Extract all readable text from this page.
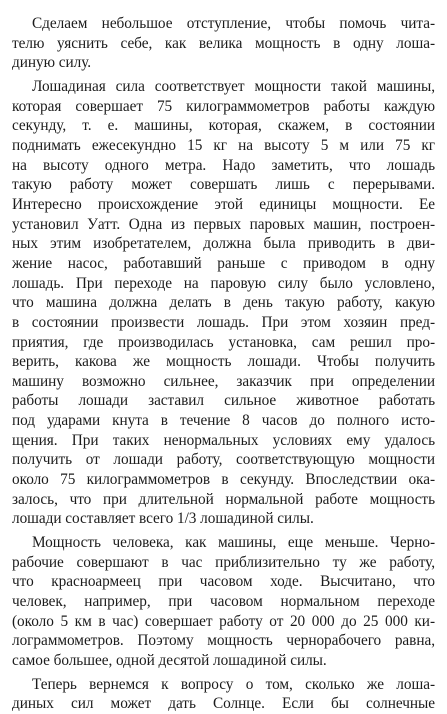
Сделаем небольшое отступление, чтобы помочь чита-
телю уяснить себе, как велика мощность в одну лоша-
диную силу.
Лошадиная сила соответствует мощности такой машины,
которая совершает 75 килограммометров работы каждую
секунду, т. е. машины, которая, скажем, в состоянии
поднимать ежесекундно 15 кг на высоту 5 м или 75 кг
на высоту одного метра. Надо заметить, что лошадь
такую работу может совершать лишь с перерывами.
Интересно происхождение этой единицы мощности. Ее
установил Уатт. Одна из первых паровых машин, построен-
ных этим изобретателем, должна была приводить в дви-
жение насос, работавший раньше с приводом в одну
лошадь. При переходе на паровую силу было условлено,
что машина должна делать в день такую работу, какую
в состоянии произвести лошадь. При этом хозяин пред-
приятия, где производилась установка, сам решил про-
верить, какова же мощность лошади. Чтобы получить
машину возможно сильнее, заказчик при определении
работы лошади заставил сильное животное работать
под ударами кнута в течение 8 часов до полного исто-
щения. При таких ненормальных условиях ему удалось
получить от лошади работу, соответствующую мощности
около 75 килограммометров в секунду. Впоследствии ока-
залось, что при длительной нормальной работе мощность
лошади составляет всего 1/3 лошадиной силы.
Мощность человека, как машины, еще меньше. Черно-
рабочие совершают в час приблизительно ту же работу,
что красноармеец при часовом ходе. Высчитано, что
человек, например, при часовом нормальном переходе
(около 5 км в час) совершает работу от 20 000 до 25 000 ки-
лограммометров. Поэтому мощность чернорабочего равна,
самое большее, одной десятой лошадиной силы.
Теперь вернемся к вопросу о том, сколько же лоша-
диных сил может дать Солнце. Если бы солнечные
